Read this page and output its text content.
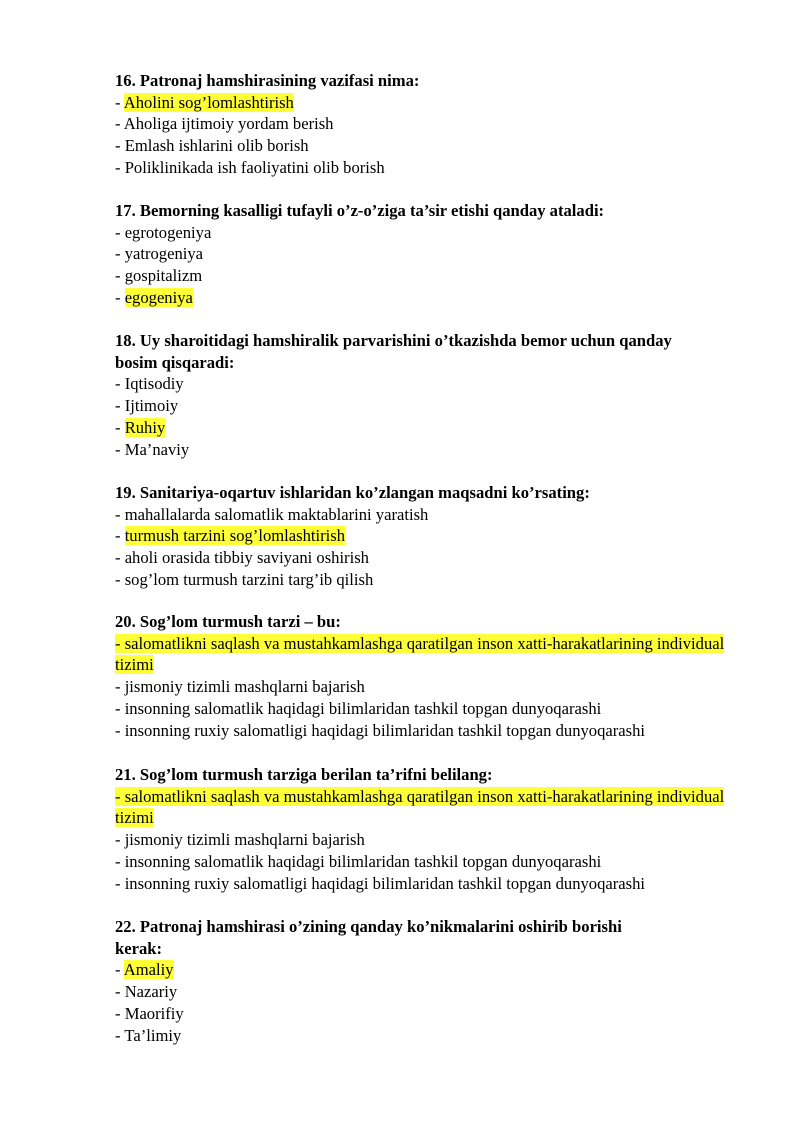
16. Patronaj hamshirasining vazifasi nima:

- Aholini sog’lomlashtirish

- Aholiga ijtimoiy yordam berish

- Emlash ishlarini olib borish

- Poliklinikada ish faoliyatini olib borish

17. Bemorning kasalligi tufayli o’z-o’ziga ta’sir etishi qanday ataladi:

- egrotogeniya

- yatrogeniya

- gospitalizm

- egogeniya

18. Uy sharoitidagi hamshiralik parvarishini o’tkazishda bemor uchun qanday bosim qisqaradi:

- Iqtisodiy

- Ijtimoiy

- Ruhiy

- Ma’naviy

19. Sanitariya-oqartuv ishlaridan ko’zlangan maqsadni ko’rsating:

- mahallalarda salomatlik maktablarini yaratish

- turmush tarzini sog’lomlashtirish

- aholi orasida tibbiy saviyani oshirish

- sog’lom turmush tarzini targ’ib qilish

20. Sog’lom turmush tarzi – bu:

- salomatlikni saqlash va mustahkamlashga qaratilgan inson xatti-harakatlarining individual tizimi

- jismoniy tizimli mashqlarni bajarish

- insonning salomatlik haqidagi bilimlaridan tashkil topgan dunyoqarashi

- insonning ruxiy salomatligi haqidagi bilimlaridan tashkil topgan dunyoqarashi

21. Sog’lom turmush tarziga berilan ta’rifni belilang:

- salomatlikni saqlash va mustahkamlashga qaratilgan inson xatti-harakatlarining individual tizimi

- jismoniy tizimli mashqlarni bajarish

- insonning salomatlik haqidagi bilimlaridan tashkil topgan dunyoqarashi

- insonning ruxiy salomatligi haqidagi bilimlaridan tashkil topgan dunyoqarashi

22. Patronaj hamshirasi o’zining qanday ko’nikmalarini oshirib borishi kerak:

- Amaliy

- Nazariy

- Maorifiy

- Ta’limiy
